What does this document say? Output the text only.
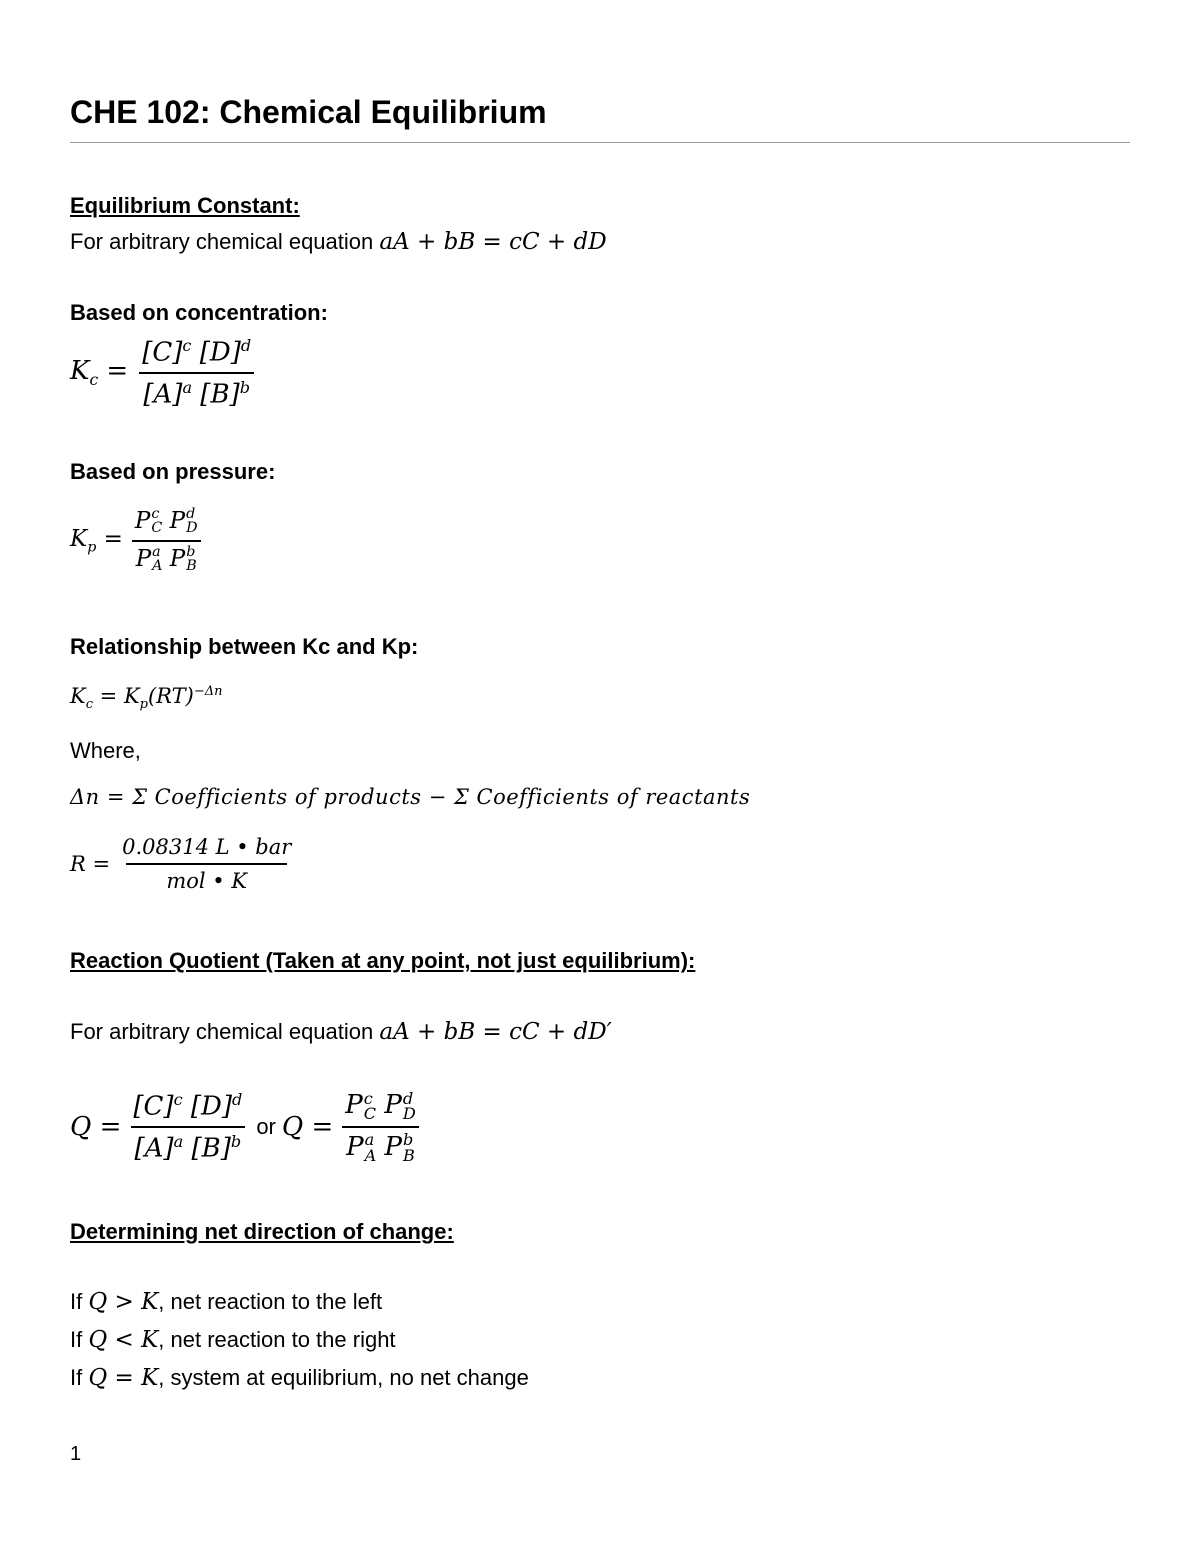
CHE 102: Chemical Equilibrium
Equilibrium Constant:
For arbitrary chemical equation aA + bB = cC + dD
Based on concentration:
$K_c = \frac{[C]^c [D]^d}{[A]^a [B]^b}$
Based on pressure:
$K_p = P$ c
C P d
D
P a
A P b
B
Relationship between Kc and Kp:
$K_c = K_p(RT)^{-\Delta n}$
Where,
Δn = Σ Coefficients of products − Σ Coefficients of reactants
$R = \frac{\text{0.08314 L • bar}}{\text{mol • K}}$
Reaction Quotient (Taken at any point, not just equilibrium):
For arbitrary chemical equation aA + bB = cC + dD′
$Q = \frac{[C]^c [D]^d}{[A]^a [B]^b}$ or Q = P c
C P d
D
P a
A P b
B
Determining net direction of change:
If Q > K, net reaction to the left
If Q < K, net reaction to the right
If Q = K, system at equilibrium, no net change
1
